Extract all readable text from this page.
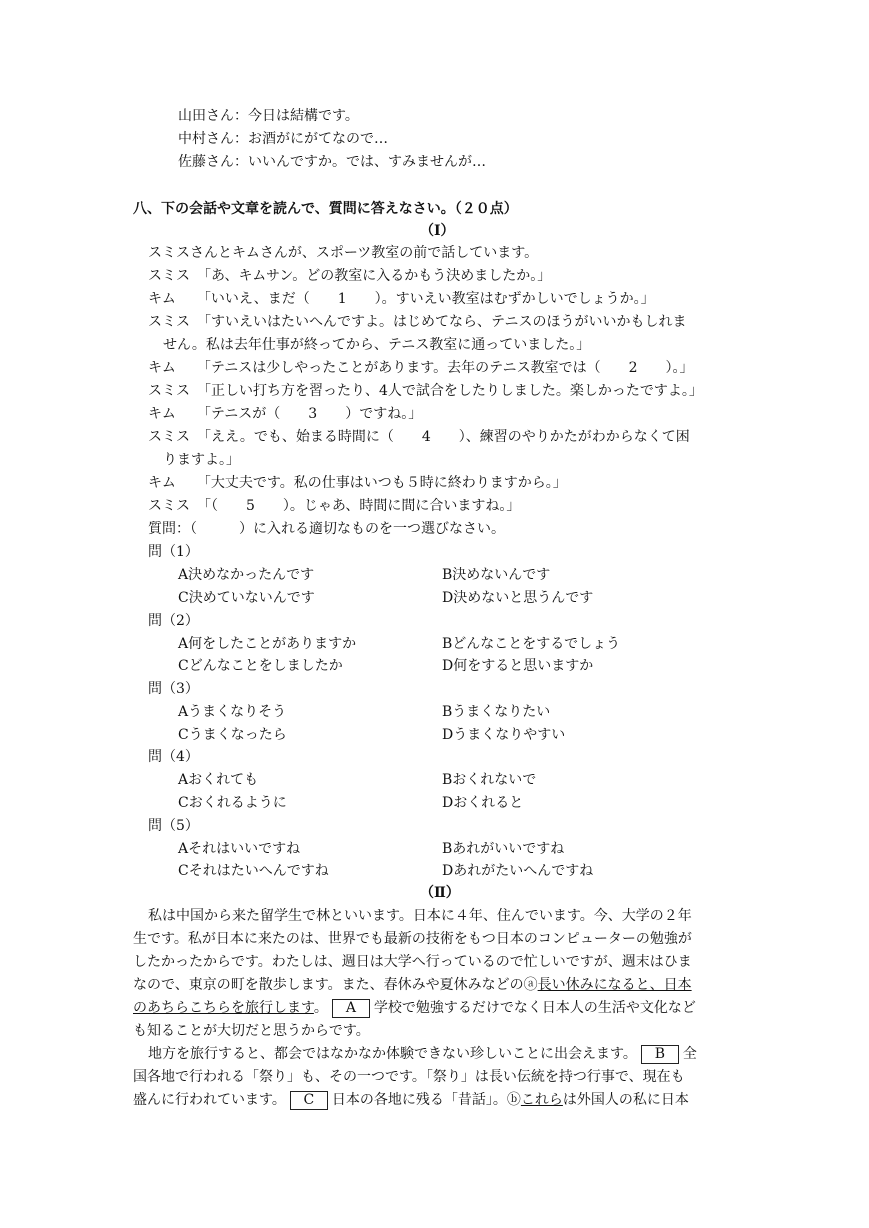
山田さん：今日は結構です。
中村さん：お酒がにがてなので…
佐藤さん：いいんですか。では、すみませんが…
八、下の会話や文章を読んで、質問に答えなさい。（２０点）
（Ⅰ）
スミスさんとキムさんが、スポーツ教室の前で話しています。
スミス　「あ、キムサン。どの教室に入るかもう決めましたか。」
キム　　「いいえ、まだ（　　1　　）。すいえい教室はむずかしいでしょうか。」
スミス　「すいえいはたいへんですよ。はじめてなら、テニスのほうがいいかもしれま
せん。私は去年仕事が終ってから、テニス教室に通っていました。」
キム　　「テニスは少しやったことがあります。去年のテニス教室では（　　2　　）。」
スミス　「正しい打ち方を習ったり、4人で試合をしたりしました。楽しかったですよ。」
キム　　「テニスが（　　3　　）ですね。」
スミス　「ええ。でも、始まる時間に（　　4　　）、練習のやりかたがわからなくて困
りますよ。」
キム　　「大丈夫です。私の仕事はいつも５時に終わりますから。」
スミス　「（　　5　　）。じゃあ、時間に間に合いますね。」
質問：（　　　）に入れる適切なものを一つ選びなさい。
問（1）
A決めなかったんです	B決めないんです
C決めていないんです	D決めないと思うんです
問（2）
A何をしたことがありますか	Bどんなことをするでしょう
Cどんなことをしましたか	D何をすると思いますか
問（3）
Aうまくなりそう	Bうまくなりたい
Cうまくなったら	Dうまくなりやすい
問（4）
Aおくれても	Bおくれないで
Cおくれるように	Dおくれると
問（5）
Aそれはいいですね	Bあれがいいですね
Cそれはたいへんですね	Dあれがたいへんですね
（Ⅱ）
私は中国から来た留学生で林といいます。日本に４年、住んでいます。今、大学の２年
生です。私が日本に来たのは、世界でも最新の技術をもつ日本のコンピューターの勉強が
したかったからです。わたしは、週日は大学へ行っているので忙しいですが、週末はひま
なので、東京の町を散歩します。また、春休みや夏休みなどのⓐ長い休みになると、日本
のあちらこちらを旅行します。 A 学校で勉強するだけでなく日本人の生活や文化など
も知ることが大切だと思うからです。
地方を旅行すると、都会ではなかなか体験できない珍しいことに出会えます。 B 全
国各地で行われる「祭り」も、その一つです。「祭り」は長い伝統を持つ行事で、現在も
盛んに行われています。 C 日本の各地に残る「昔話」。ⓑこれらは外国人の私に日本
